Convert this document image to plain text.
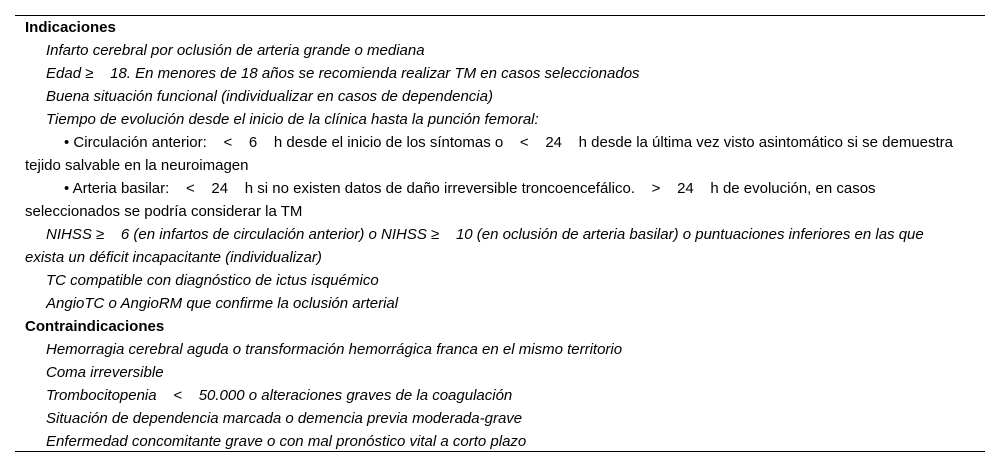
Indicaciones
Infarto cerebral por oclusión de arteria grande o mediana
Edad ≥    18. En menores de 18 años se recomienda realizar TM en casos seleccionados
Buena situación funcional (individualizar en casos de dependencia)
Tiempo de evolución desde el inicio de la clínica hasta la punción femoral:
• Circulación anterior:    <    6    h desde el inicio de los síntomas o    <    24    h desde la última vez visto asintomático si se demuestra tejido salvable en la neuroimagen
• Arteria basilar:    <    24    h si no existen datos de daño irreversible troncoencefálico.    >    24    h de evolución, en casos seleccionados se podría considerar la TM
NIHSS ≥    6 (en infartos de circulación anterior) o NIHSS ≥    10 (en oclusión de arteria basilar) o puntuaciones inferiores en las que exista un déficit incapacitante (individualizar)
TC compatible con diagnóstico de ictus isquémico
AngioTC o AngioRM que confirme la oclusión arterial
Contraindicaciones
Hemorragia cerebral aguda o transformación hemorrágica franca en el mismo territorio
Coma irreversible
Trombocitopenia    <    50.000 o alteraciones graves de la coagulación
Situación de dependencia marcada o demencia previa moderada-grave
Enfermedad concomitante grave o con mal pronóstico vital a corto plazo
